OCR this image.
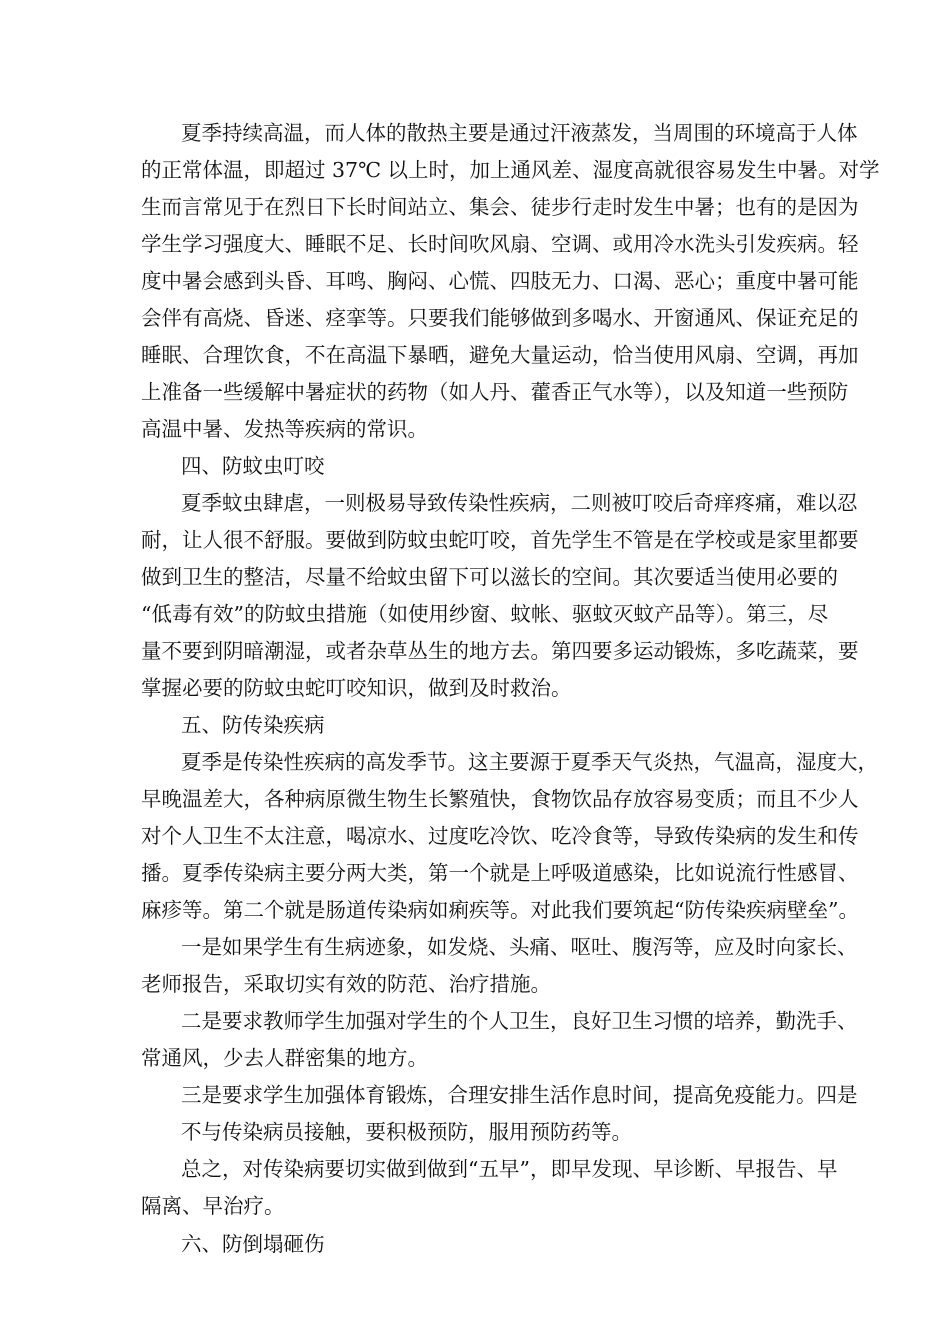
夏季持续高温，而人体的散热主要是通过汗液蒸发，当周围的环境高于人体
的正常体温，即超过 37℃ 以上时，加上通风差、湿度高就很容易发生中暑。对学
生而言常见于在烈日下长时间站立、集会、徒步行走时发生中暑；也有的是因为
学生学习强度大、睡眠不足、长时间吹风扇、空调、或用冷水洗头引发疾病。轻
度中暑会感到头昏、耳鸣、胸闷、心慌、四肢无力、口渴、恶心；重度中暑可能
会伴有高烧、昏迷、痉挛等。只要我们能够做到多喝水、开窗通风、保证充足的
睡眠、合理饮食，不在高温下暴晒，避免大量运动，恰当使用风扇、空调，再加
上准备一些缓解中暑症状的药物（如人丹、藿香正气水等），以及知道一些预防
高温中暑、发热等疾病的常识。
四、防蚊虫叮咬
夏季蚊虫肆虐，一则极易导致传染性疾病，二则被叮咬后奇痒疼痛，难以忍
耐，让人很不舒服。要做到防蚊虫蛇叮咬，首先学生不管是在学校或是家里都要
做到卫生的整洁，尽量不给蚊虫留下可以滋长的空间。其次要适当使用必要的
“低毒有效”的防蚊虫措施（如使用纱窗、蚊帐、驱蚊灭蚊产品等）。第三，尽
量不要到阴暗潮湿，或者杂草丛生的地方去。第四要多运动锻炼，多吃蔬菜，要
掌握必要的防蚊虫蛇叮咬知识，做到及时救治。
五、防传染疾病
夏季是传染性疾病的高发季节。这主要源于夏季天气炎热，气温高，湿度大，
早晚温差大，各种病原微生物生长繁殖快，食物饮品存放容易变质；而且不少人
对个人卫生不太注意，喝凉水、过度吃冷饮、吃冷食等，导致传染病的发生和传
播。夏季传染病主要分两大类，第一个就是上呼吸道感染，比如说流行性感冒、
麻疹等。第二个就是肠道传染病如痢疾等。对此我们要筑起“防传染疾病壁垒”。
一是如果学生有生病迹象，如发烧、头痛、呕吐、腹泻等，应及时向家长、
老师报告，采取切实有效的防范、治疗措施。
二是要求教师学生加强对学生的个人卫生，良好卫生习惯的培养，勤洗手、
常通风，少去人群密集的地方。
三是要求学生加强体育锻炼，合理安排生活作息时间，提高免疫能力。四是
不与传染病员接触，要积极预防，服用预防药等。
总之，对传染病要切实做到做到“五早”，即早发现、早诊断、早报告、早
隔离、早治疗。
六、防倒塌砸伤
